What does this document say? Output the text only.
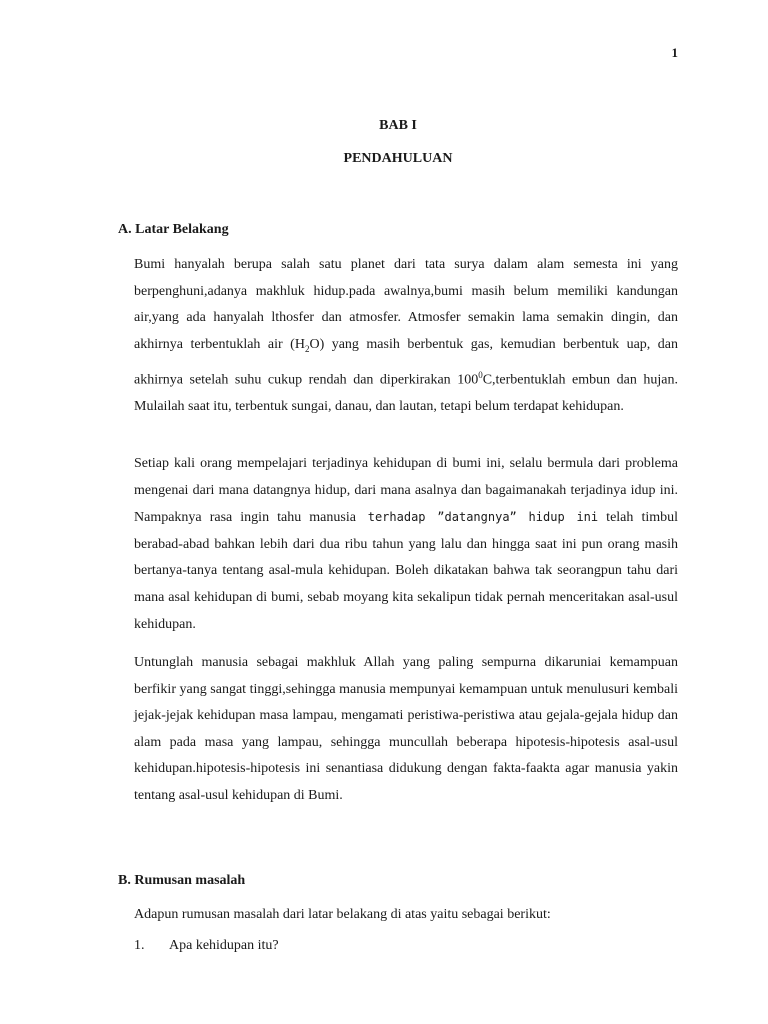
1
BAB I
PENDAHULUAN
A. Latar Belakang

Bumi hanyalah berupa salah satu planet dari tata surya dalam alam semesta ini yang berpenghuni,adanya makhluk hidup.pada awalnya,bumi masih belum memiliki kandungan air,yang ada hanyalah lthosfer dan atmosfer. Atmosfer semakin lama semakin dingin, dan akhirnya terbentuklah air $(H_2O)$ yang masih berbentuk gas, kemudian berbentuk uap, dan akhirnya setelah suhu cukup rendah dan diperkirakan $100^0C,terbentuklah$ embun dan hujan. Mulailah saat itu, terbentuk sungai, danau, dan lautan, tetapi belum terdapat kehidupan.

Setiap kali orang mempelajari terjadinya kehidupan di bumi ini, selalu bermula dari problema mengenai dari mana datangnya hidup, dari mana asalnya dan bagaimanakah terjadinya idup ini. Nampaknya rasa ingin tahu manusia terhadap ”datangnya” hidup ini telah timbul berabad-abad bahkan lebih dari dua ribu tahun yang lalu dan hingga saat ini pun orang masih bertanya-tanya tentang asal-mula kehidupan. Boleh dikatakan bahwa tak seorangpun tahu dari mana asal kehidupan di bumi, sebab moyang kita sekalipun tidak pernah menceritakan asal-usul kehidupan.

Untunglah manusia sebagai makhluk Allah yang paling sempurna dikaruniai kemampuan berfikir yang sangat tinggi,sehingga manusia mempunyai kemampuan untuk menulusuri kembali jejak-jejak kehidupan masa lampau, mengamati peristiwa-peristiwa atau gejala-gejala hidup dan alam pada masa yang lampau, sehingga muncullah beberapa hipotesis-hipotesis asal-usul kehidupan.hipotesis-hipotesis ini senantiasa didukung dengan fakta-faakta agar manusia yakin tentang asal-usul kehidupan di Bumi.

B. Rumusan masalah

Adapun rumusan masalah dari latar belakang di atas yaitu sebagai berikut:

1. Apa kehidupan itu?
